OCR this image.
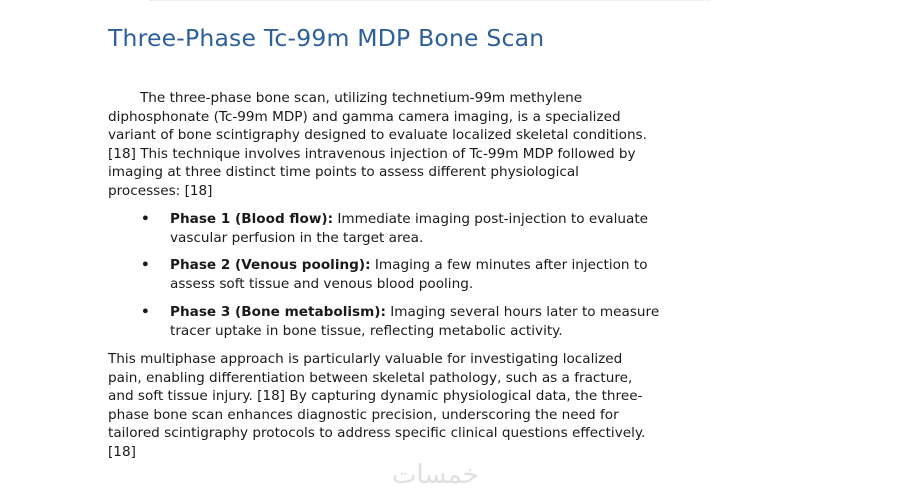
Three-Phase Tc-99m MDP Bone Scan

The three-phase bone scan, utilizing technetium-99m methylene
diphosphonate (Tc-99m MDP) and gamma camera imaging, is a specialized
variant of bone scintigraphy designed to evaluate localized skeletal conditions.
[18] This technique involves intravenous injection of Tc-99m MDP followed by
imaging at three distinct time points to assess different physiological
processes: [18]

• Phase 1 (Blood flow): Immediate imaging post-injection to evaluate
vascular perfusion in the target area.
• Phase 2 (Venous pooling): Imaging a few minutes after injection to
assess soft tissue and venous blood pooling.
• Phase 3 (Bone metabolism): Imaging several hours later to measure
tracer uptake in bone tissue, reflecting metabolic activity.

This multiphase approach is particularly valuable for investigating localized
pain, enabling differentiation between skeletal pathology, such as a fracture,
and soft tissue injury. [18] By capturing dynamic physiological data, the three-
phase bone scan enhances diagnostic precision, underscoring the need for
tailored scintigraphy protocols to address specific clinical questions effectively.
[18]

خمسات
